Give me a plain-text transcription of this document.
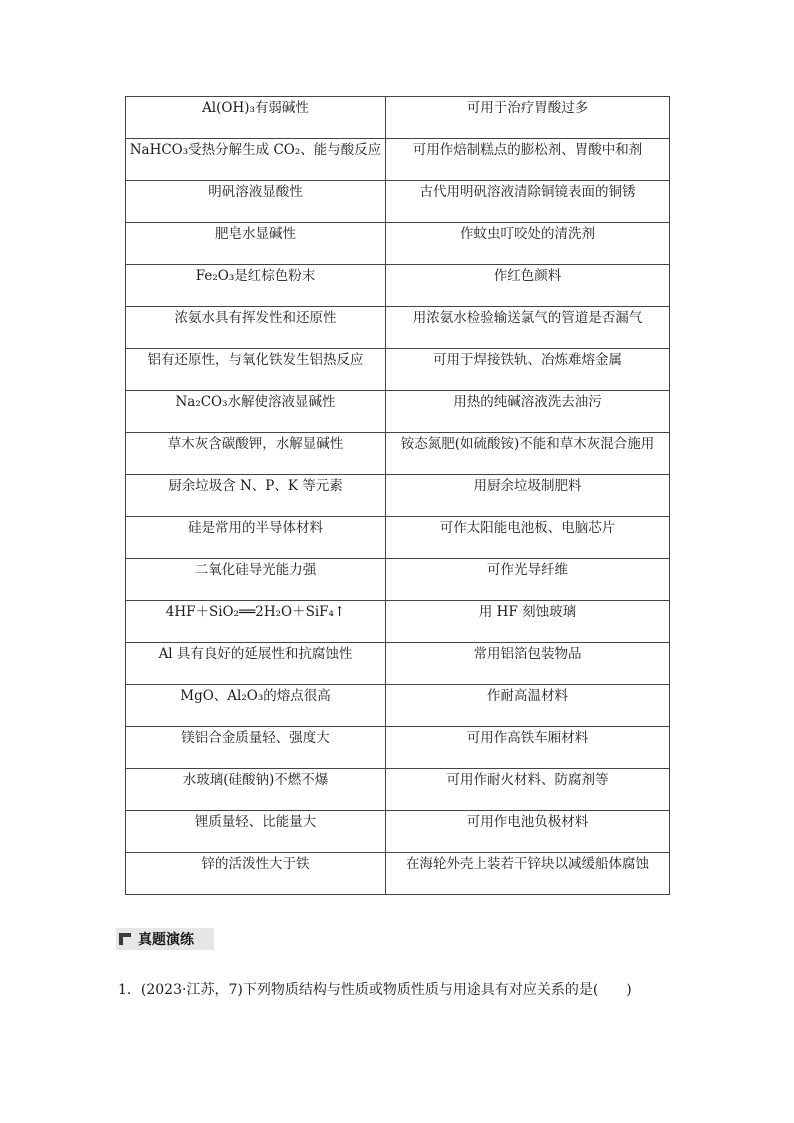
Al(OH)₃有弱碱性	可用于治疗胃酸过多
NaHCO₃受热分解生成 CO₂、能与酸反应	可用作焙制糕点的膨松剂、胃酸中和剂
明矾溶液显酸性	古代用明矾溶液清除铜镜表面的铜锈
肥皂水显碱性	作蚊虫叮咬处的清洗剂
Fe₂O₃是红棕色粉末	作红色颜料
浓氨水具有挥发性和还原性	用浓氨水检验输送氯气的管道是否漏气
铝有还原性，与氧化铁发生铝热反应	可用于焊接铁轨、冶炼难熔金属
Na₂CO₃水解使溶液显碱性	用热的纯碱溶液洗去油污
草木灰含碳酸钾，水解显碱性	铵态氮肥(如硫酸铵)不能和草木灰混合施用
厨余垃圾含 N、P、K 等元素	用厨余垃圾制肥料
硅是常用的半导体材料	可作太阳能电池板、电脑芯片
二氧化硅导光能力强	可作光导纤维
4HF＋SiO₂══2H₂O＋SiF₄↑	用 HF 刻蚀玻璃
Al 具有良好的延展性和抗腐蚀性	常用铝箔包装物品
MgO、Al₂O₃的熔点很高	作耐高温材料
镁铝合金质量轻、强度大	可用作高铁车厢材料
水玻璃(硅酸钠)不燃不爆	可用作耐火材料、防腐剂等
锂质量轻、比能量大	可用作电池负极材料
锌的活泼性大于铁	在海轮外壳上装若干锌块以减缓船体腐蚀
真题演练
1．(2023·江苏，7)下列物质结构与性质或物质性质与用途具有对应关系的是(　　)
